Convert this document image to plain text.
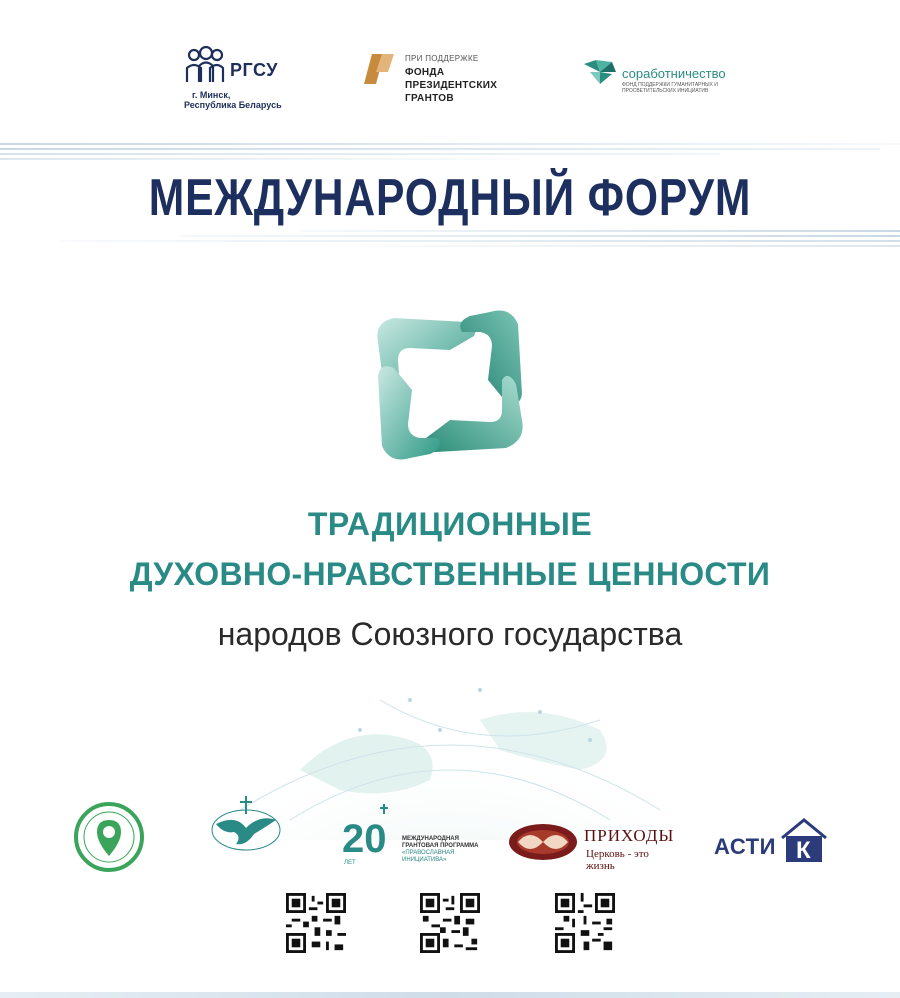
РГСУ
г. Минск,
Республика Беларусь
ПРИ ПОДДЕРЖКЕ
ФОНДА
ПРЕЗИДЕНТСКИХ
ГРАНТОВ
соработничество
ФОНД ПОДДЕРЖКИ ГУМАНИТАРНЫХ И
ПРОСВЕТИТЕЛЬСКИХ ИНИЦИАТИВ
МЕЖДУНАРОДНЫЙ ФОРУМ
ТРАДИЦИОННЫЕ
ДУХОВНО-НРАВСТВЕННЫЕ ЦЕННОСТИ
народов Союзного государства
20
ЛЕТ
МЕЖДУНАРОДНАЯ
ГРАНТОВАЯ ПРОГРАММА
«ПРАВОСЛАВНАЯ
ИНИЦИАТИВА»
ПРИХОДЫ
Церковь - это жизнь
АСТИ К
